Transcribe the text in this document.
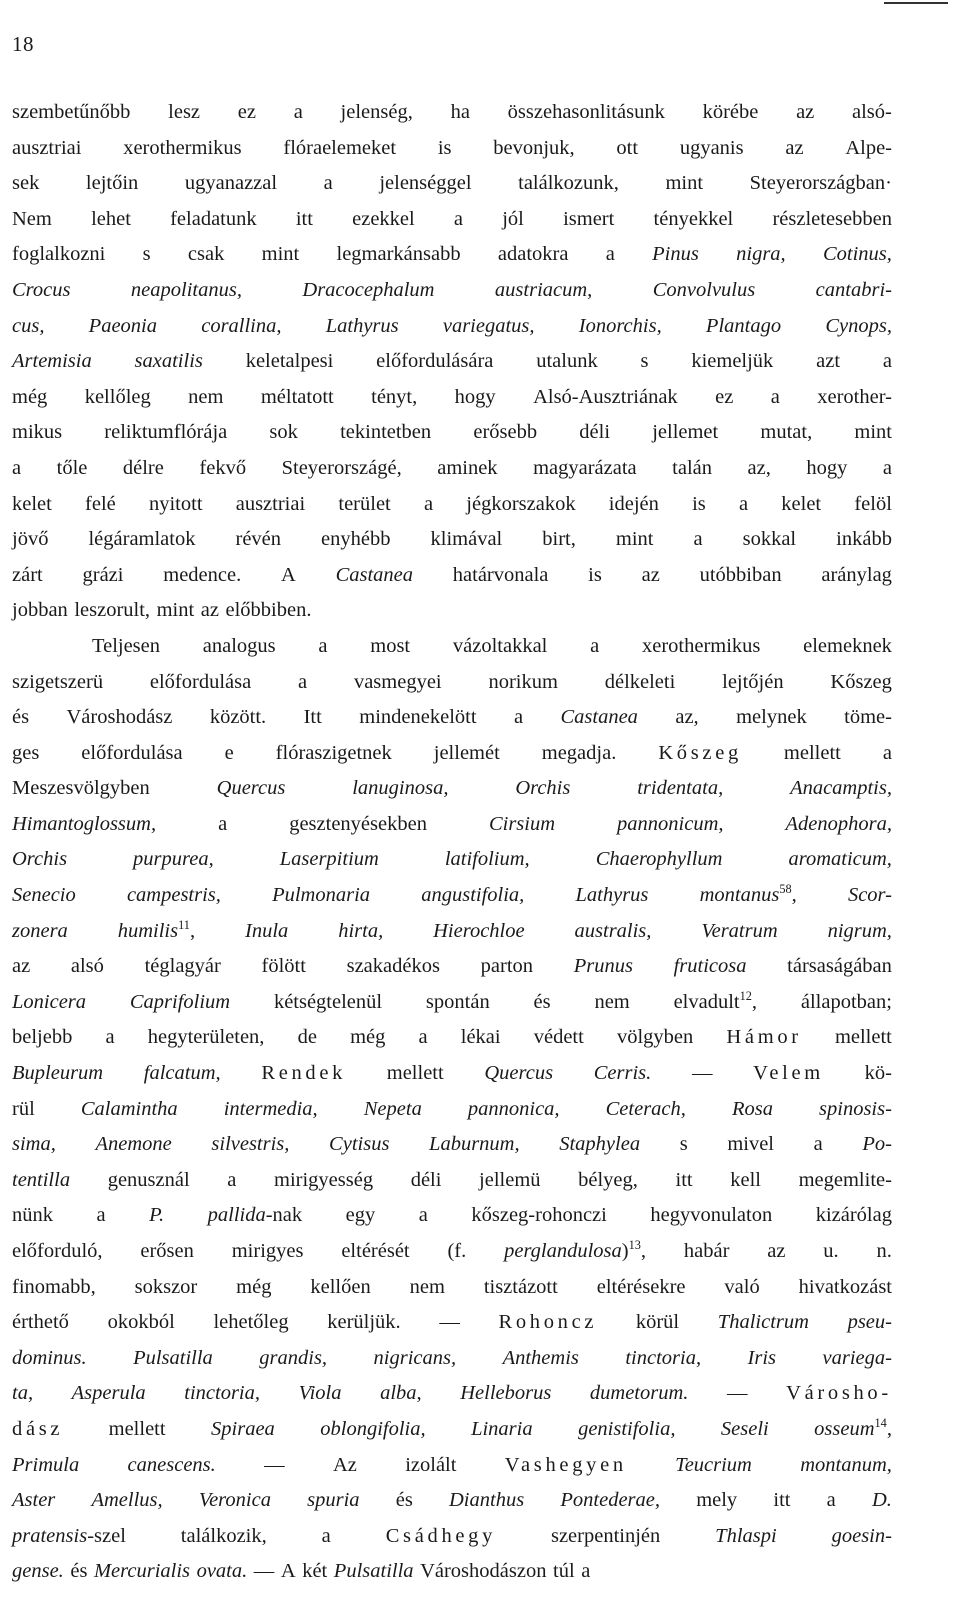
18
szembetűnőbb lesz ez a jelenség, ha összehasonlitásunk körébe az alsó-
ausztriai xerothermikus flóraelemeket is bevonjuk, ott ugyanis az Alpe-
sek lejtőin ugyanazzal a jelenséggel találkozunk, mint Steyerországban·
Nem lehet feladatunk itt ezekkel a jól ismert tényekkel részletesebben
foglalkozni s csak mint legmarkánsabb adatokra a Pinus nigra, Cotinus,
Crocus	neapolitanus,	Dracocephalum	austriacum,	Convolvulus	cantabri-
cus, Paeonia corallina, Lathyrus variegatus, Ionorchis, Plantago Cynops,
Artemisia saxatilis keletalpesi előfordulására utalunk s kiemeljük azt a
még kellőleg nem méltatott tényt, hogy Alsó-Ausztriának ez a xerother-
mikus reliktumflórája sok tekintetben erősebb déli jellemet mutat, mint
a tőle délre fekvő Steyerországé, aminek magyarázata talán az, hogy a
kelet felé nyitott ausztriai terület a jégkorszakok idején is a kelet felöl
jövő légáramlatok révén enyhébb klimával birt, mint a sokkal inkább
zárt grázi medence. A Castanea határvonala is az utóbbiban aránylag
jobban leszorult, mint az előbbiben.
Teljesen analogus a most vázoltakkal a xerothermikus elemeknek
szigetszerü előfordulása a vasmegyei norikum délkeleti lejtőjén Kőszeg
és Városhodász között. Itt mindenekelött a Castanea az, melynek töme-
ges előfordulása e flóraszigetnek jellemét megadja. Kőszeg mellett a
Meszesvölgyben	Quercus	lanuginosa,	Orchis	tridentata,	Anacamptis,
Himantoglossum,	a	gesztenyésekben	Cirsium	pannonicum,	Adenophora,
Orchis	purpurea,	Laserpitium	latifolium,	Chaerophyllum	aromaticum,
Senecio campestris, Pulmonaria angustifolia, Lathyrus montanus$^{58}$, Scor-
zonera humilis$^{11}$, Inula hirta, Hierochloe australis, Veratrum nigrum,
az alsó téglagyár fölött szakadékos parton Prunus fruticosa társaságában
Lonicera Caprifolium kétségtelenül spontán és nem elvadult$^{12}$, állapotban;
beljebb a hegyterületen, de még a lékai védett völgyben Hámor mellett
Bupleurum falcatum, Rendek mellett Quercus Cerris. — Velem kö-
rül Calamintha intermedia, Nepeta pannonica, Ceterach, Rosa spinosis-
sima, Anemone silvestris, Cytisus Laburnum, Staphylea s mivel a Po-
tentilla genusznál a mirigyesség déli jellemü bélyeg, itt kell megemlite-
nünk a P. pallida-nak egy a kőszeg-rohonczi hegyvonulaton kizárólag
előforduló, erősen mirigyes eltérését (f. perglandulosa)$^{13}$, habár az u. n.
finomabb, sokszor még kellően nem tisztázott eltérésekre való hivatkozást
érthető okokból lehetőleg kerüljük. — Rohoncz körül Thalictrum pseu-
dominus. Pulsatilla grandis, nigricans, Anthemis tinctoria, Iris variega-
ta, Asperula tinctoria, Viola alba, Helleborus dumetorum. — Városho-
dász mellett Spiraea oblongifolia, Linaria genistifolia, Seseli osseum$^{14}$,
Primula canescens. — Az izolált Vashegyen Teucrium montanum,
Aster Amellus, Veronica spuria és Dianthus Pontederae, mely itt a D.
pratensis-szel	találkozik,	a	Csádhegy	szerpentinjén	Thlaspi	goesin-
gense. és Mercurialis ovata. — A két Pulsatilla Városhodászon túl a
